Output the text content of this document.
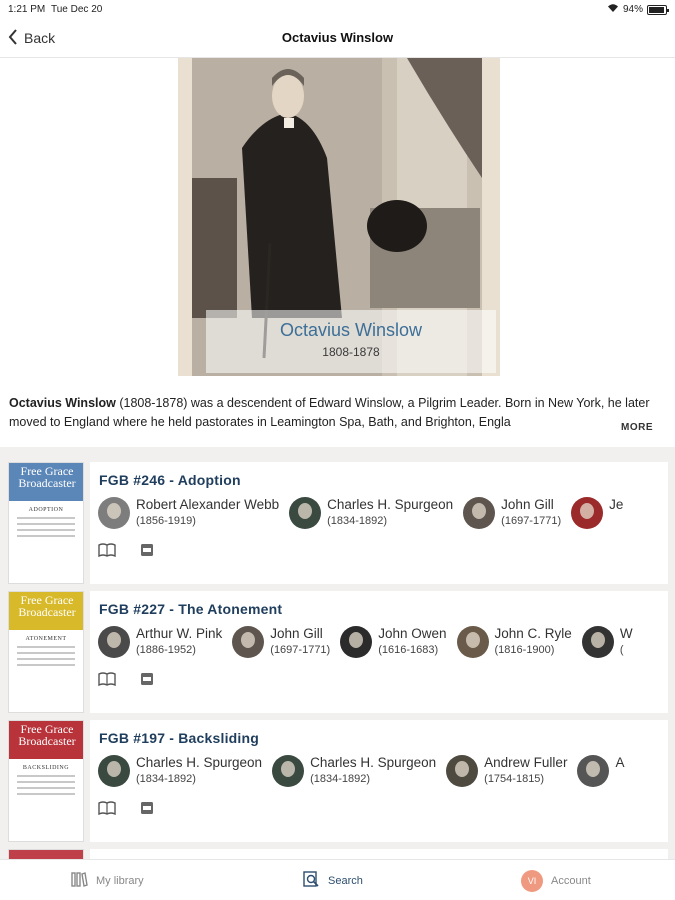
1:21 PM Tue Dec 20	94%
Back	Octavius Winslow
Octavius Winslow
1808-1878
Octavius Winslow (1808-1878) was a descendent of Edward Winslow, a Pilgrim Leader. Born in New York, he later moved to England where he held pastorates in Leamington Spa, Bath, and Brighton, Engla	MORE
Free Grace Broadcaster
ADOPTION
FGB #246 - Adoption
Robert Alexander Webb
(1856-1919)
Charles H. Spurgeon
(1834-1892)
John Gill
(1697-1771)
Je
Free Grace Broadcaster
ATONEMENT
FGB #227 - The Atonement
Arthur W. Pink
(1886-1952)
John Gill
(1697-1771)
John Owen
(1616-1683)
John C. Ryle
(1816-1900)
W
(
Free Grace Broadcaster
BACKSLIDING
FGB #197 - Backsliding
Charles H. Spurgeon
(1834-1892)
Charles H. Spurgeon
(1834-1892)
Andrew Fuller
(1754-1815)
A
My library	Search	VI	Account
